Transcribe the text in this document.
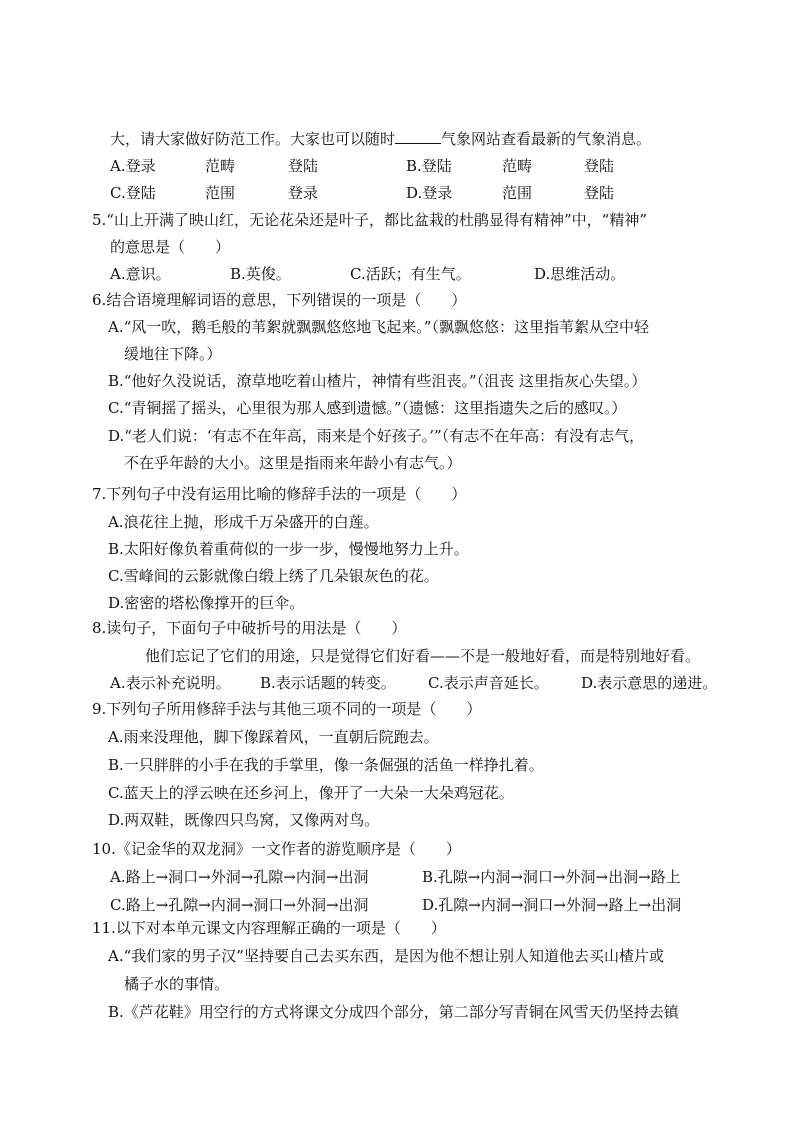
大，请大家做好防范工作。大家也可以随时	气象网站查看最新的气象消息。
A.登录	范畴	登陆	B.登陆	范畴	登陆
C.登陆	范围	登录	D.登录	范围	登陆
5.“山上开满了映山红，无论花朵还是叶子，都比盆栽的杜鹃显得有精神”中，“精神”
的意思是（　　）
A.意识。	B.英俊。	C.活跃；有生气。	D.思维活动。
6.结合语境理解词语的意思，下列错误的一项是（　　）
A.“风一吹，鹅毛般的苇絮就飘飘悠悠地飞起来。”（飘飘悠悠：这里指苇絮从空中轻
缓地往下降。）
B.“他好久没说话，潦草地吃着山楂片，神情有些沮丧。”（沮丧 这里指灰心失望。）
C.“青铜摇了摇头，心里很为那人感到遗憾。”（遗憾：这里指遗失之后的感叹。）
D.“老人们说：‘有志不在年高，雨来是个好孩子。’”（有志不在年高：有没有志气，
不在乎年龄的大小。这里是指雨来年龄小有志气。）
7.下列句子中没有运用比喻的修辞手法的一项是（　　）
A.浪花往上抛，形成千万朵盛开的白莲。
B.太阳好像负着重荷似的一步一步，慢慢地努力上升。
C.雪峰间的云影就像白缎上绣了几朵银灰色的花。
D.密密的塔松像撑开的巨伞。
8.读句子，下面句子中破折号的用法是（　　）
他们忘记了它们的用途，只是觉得它们好看——不是一般地好看，而是特别地好看。
A.表示补充说明。 B.表示话题的转变。 C.表示声音延长。 D.表示意思的递进。
9.下列句子所用修辞手法与其他三项不同的一项是（　　）
A.雨来没理他，脚下像踩着风，一直朝后院跑去。
B.一只胖胖的小手在我的手掌里，像一条倔强的活鱼一样挣扎着。
C.蓝天上的浮云映在还乡河上，像开了一大朵一大朵鸡冠花。
D.两双鞋，既像四只鸟窝，又像两对鸟。
10.《记金华的双龙洞》一文作者的游览顺序是（　　）
A.路上→洞口→外洞→孔隙→内洞→出洞	B.孔隙→内洞→洞口→外洞→出洞→路上
C.路上→孔隙→内洞→洞口→外洞→出洞	D.孔隙→内洞→洞口→外洞→路上→出洞
11.以下对本单元课文内容理解正确的一项是（　　）
A.“我们家的男子汉”坚持要自己去买东西，是因为他不想让别人知道他去买山楂片或
橘子水的事情。
B.《芦花鞋》用空行的方式将课文分成四个部分，第二部分写青铜在风雪天仍坚持去镇
